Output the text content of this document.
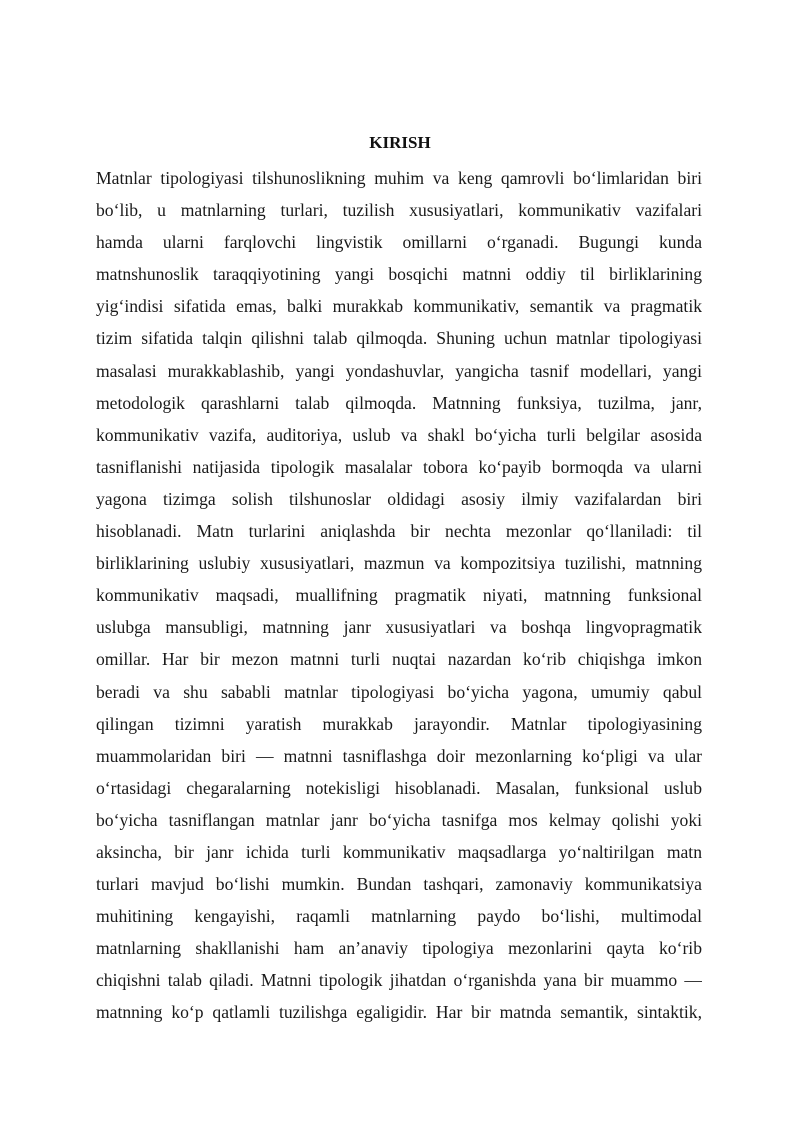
KIRISH
Matnlar tipologiyasi tilshunoslikning muhim va keng qamrovli bo‘limlaridan biri
bo‘lib, u matnlarning turlari, tuzilish xususiyatlari, kommunikativ vazifalari
hamda ularni farqlovchi lingvistik omillarni o‘rganadi. Bugungi kunda
matnshunoslik taraqqiyotining yangi bosqichi matnni oddiy til birliklarining
yig‘indisi sifatida emas, balki murakkab kommunikativ, semantik va pragmatik
tizim sifatida talqin qilishni talab qilmoqda. Shuning uchun matnlar tipologiyasi
masalasi murakkablashib, yangi yondashuvlar, yangicha tasnif modellari, yangi
metodologik qarashlarni talab qilmoqda. Matnning funksiya, tuzilma, janr,
kommunikativ vazifa, auditoriya, uslub va shakl bo‘yicha turli belgilar asosida
tasniflanishi natijasida tipologik masalalar tobora ko‘payib bormoqda va ularni
yagona tizimga solish tilshunoslar oldidagi asosiy ilmiy vazifalardan biri
hisoblanadi. Matn turlarini aniqlashda bir nechta mezonlar qo‘llaniladi: til
birliklarining uslubiy xususiyatlari, mazmun va kompozitsiya tuzilishi, matnning
kommunikativ maqsadi, muallifning pragmatik niyati, matnning funksional
uslubga mansubligi, matnning janr xususiyatlari va boshqa lingvopragmatik
omillar. Har bir mezon matnni turli nuqtai nazardan ko‘rib chiqishga imkon
beradi va shu sababli matnlar tipologiyasi bo‘yicha yagona, umumiy qabul
qilingan tizimni yaratish murakkab jarayondir. Matnlar tipologiyasining
muammolaridan biri — matnni tasniflashga doir mezonlarning ko‘pligi va ular
o‘rtasidagi chegaralarning notekisligi hisoblanadi. Masalan, funksional uslub
bo‘yicha tasniflangan matnlar janr bo‘yicha tasnifga mos kelmay qolishi yoki
aksincha, bir janr ichida turli kommunikativ maqsadlarga yo‘naltirilgan matn
turlari mavjud bo‘lishi mumkin. Bundan tashqari, zamonaviy kommunikatsiya
muhitining kengayishi, raqamli matnlarning paydo bo‘lishi, multimodal
matnlarning shakllanishi ham an’anaviy tipologiya mezonlarini qayta ko‘rib
chiqishni talab qiladi. Matnni tipologik jihatdan o‘rganishda yana bir muammo —
matnning ko‘p qatlamli tuzilishga egaligidir. Har bir matnda semantik, sintaktik,
